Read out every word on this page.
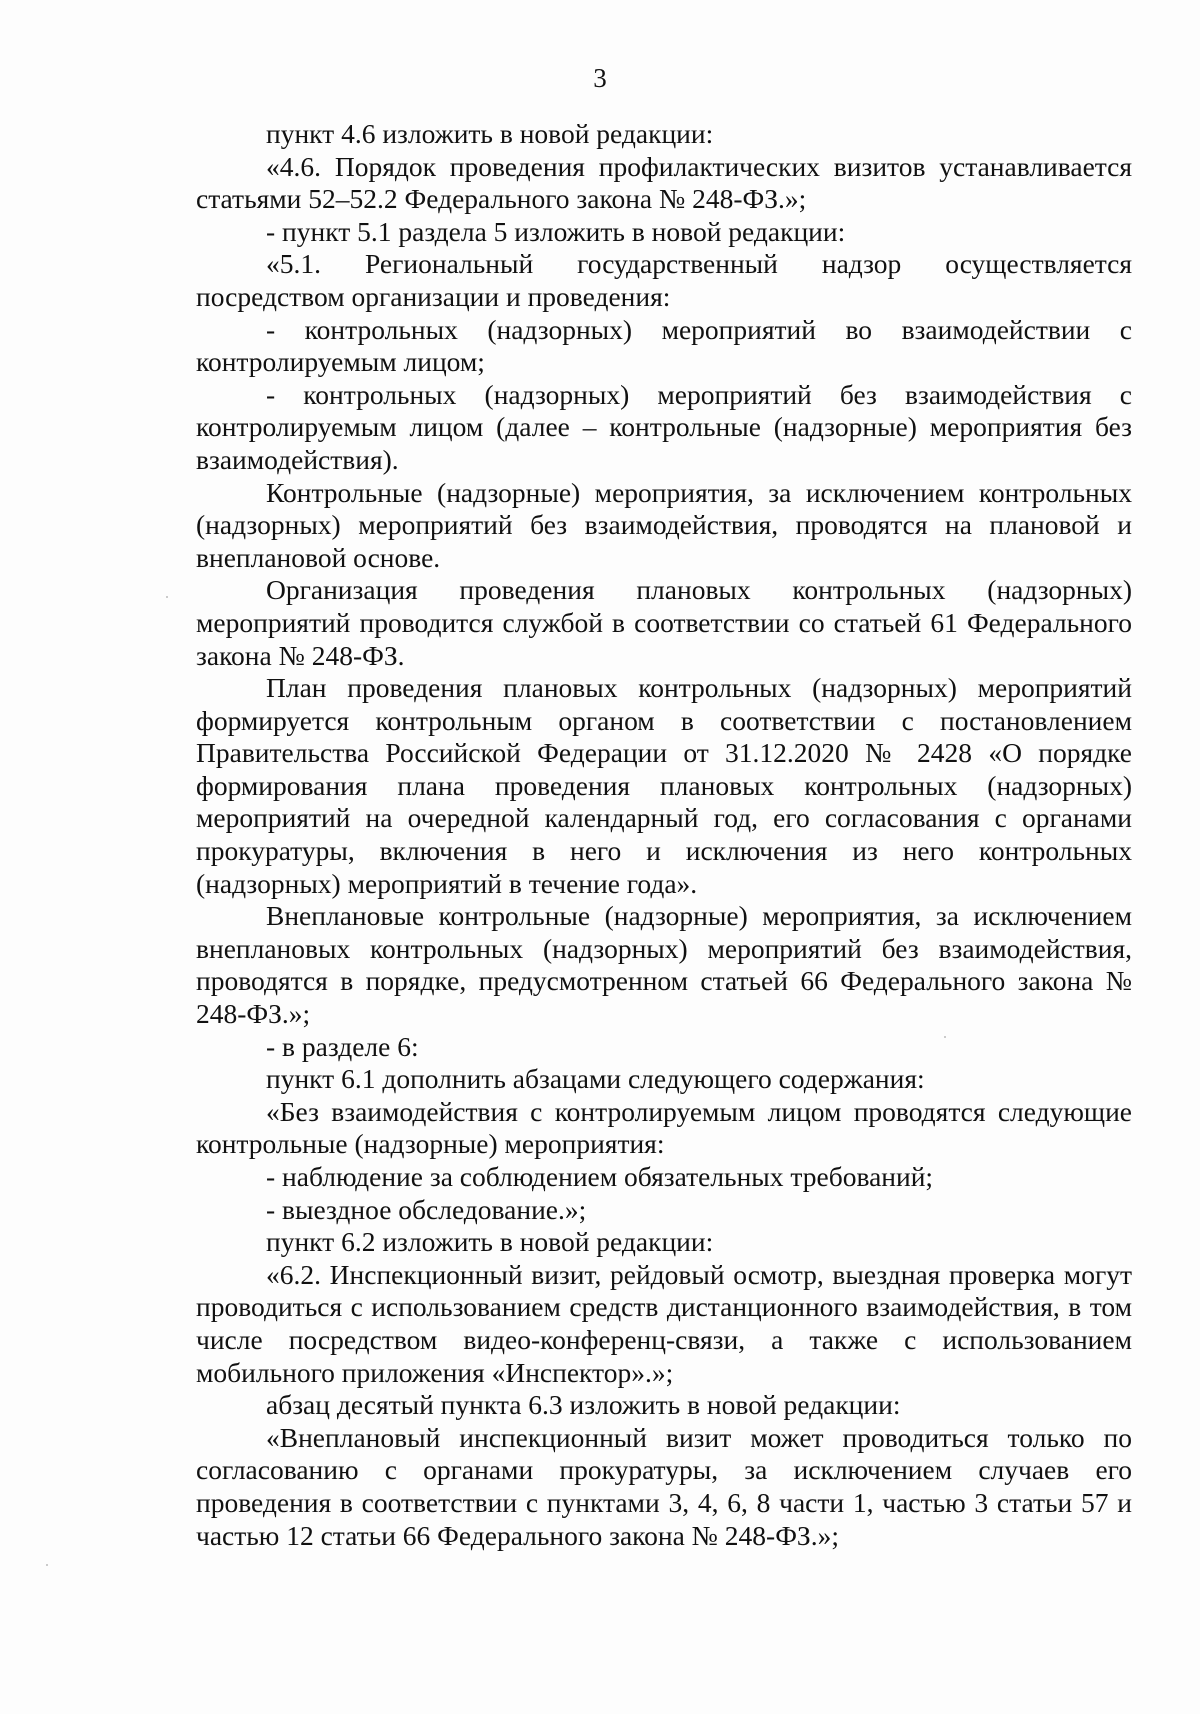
3

пункт 4.6 изложить в новой редакции:

«4.6. Порядок проведения профилактических визитов устанавливается статьями 52–52.2 Федерального закона № 248-ФЗ.»;

- пункт 5.1 раздела 5 изложить в новой редакции:

«5.1. Региональный государственный надзор осуществляется посредством организации и проведения:

- контрольных (надзорных) мероприятий во взаимодействии с контролируемым лицом;

- контрольных (надзорных) мероприятий без взаимодействия с контролируемым лицом (далее – контрольные (надзорные) мероприятия без взаимодействия).

Контрольные (надзорные) мероприятия, за исключением контрольных (надзорных) мероприятий без взаимодействия, проводятся на плановой и внеплановой основе.

Организация проведения плановых контрольных (надзорных) мероприятий проводится службой в соответствии со статьей 61 Федерального закона № 248-ФЗ.

План проведения плановых контрольных (надзорных) мероприятий формируется контрольным органом в соответствии с постановлением Правительства Российской Федерации от 31.12.2020 № 2428 «О порядке формирования плана проведения плановых контрольных (надзорных) мероприятий на очередной календарный год, его согласования с органами прокуратуры, включения в него и исключения из него контрольных (надзорных) мероприятий в течение года».

Внеплановые контрольные (надзорные) мероприятия, за исключением внеплановых контрольных (надзорных) мероприятий без взаимодействия, проводятся в порядке, предусмотренном статьей 66 Федерального закона № 248-ФЗ.»;

- в разделе 6:

пункт 6.1 дополнить абзацами следующего содержания:

«Без взаимодействия с контролируемым лицом проводятся следующие контрольные (надзорные) мероприятия:

- наблюдение за соблюдением обязательных требований;

- выездное обследование.»;

пункт 6.2 изложить в новой редакции:

«6.2. Инспекционный визит, рейдовый осмотр, выездная проверка могут проводиться с использованием средств дистанционного взаимодействия, в том числе посредством видео-конференц-связи, а также с использованием мобильного приложения «Инспектор».»;

абзац десятый пункта 6.3 изложить в новой редакции:

«Внеплановый инспекционный визит может проводиться только по согласованию с органами прокуратуры, за исключением случаев его проведения в соответствии с пунктами 3, 4, 6, 8 части 1, частью 3 статьи 57 и частью 12 статьи 66 Федерального закона № 248-ФЗ.»;
